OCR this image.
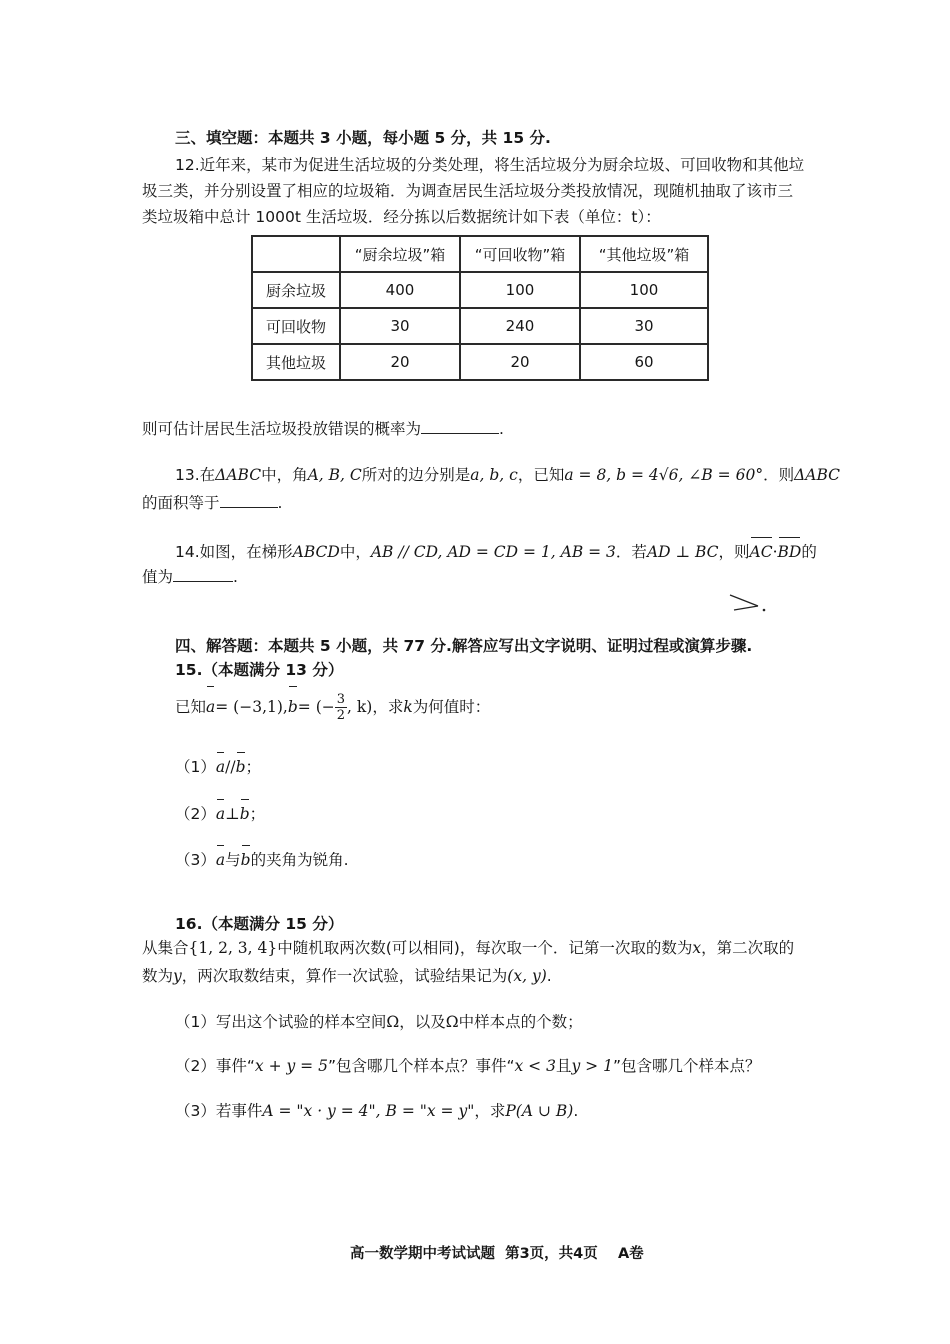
三、填空题：本题共 3 小题，每小题 5 分，共 15 分.
12.近年来，某市为促进生活垃圾的分类处理，将生活垃圾分为厨余垃圾、可回收物和其他垃
圾三类，并分别设置了相应的垃圾箱．为调查居民生活垃圾分类投放情况，现随机抽取了该市三
类垃圾箱中总计 1000t 生活垃圾．经分拣以后数据统计如下表（单位：t）：
	“厨余垃圾”箱	“可回收物”箱	“其他垃圾”箱
厨余垃圾	400	100	100
可回收物	30	240	30
其他垃圾	20	20	60
则可估计居民生活垃圾投放错误的概率为	.
13.在ΔABC中，角A, B, C所对的边分别是a, b, c，已知a = 8, b = 4√6, ∠B = 60°．则ΔABC
的面积等于	.
14.如图，在梯形ABCD中，AB // CD, AD = CD = 1, AB = 3．若AD ⊥ BC，则AC·BD的
值为	.
四、解答题：本题共 5 小题，共 77 分.解答应写出文字说明、证明过程或演算步骤.
15.（本题满分 13 分）
已知a= (−3,1),b= (− $\frac{3}{2}$ , k)，求k为何值时：
（1）a//b；
（2）a⊥b；
（3）a与b的夹角为锐角.
16.（本题满分 15 分）
从集合{1, 2, 3, 4}中随机取两次数(可以相同)，每次取一个．记第一次取的数为x，第二次取的
数为y，两次取数结束，算作一次试验，试验结果记为(x, y).
（1）写出这个试验的样本空间Ω，以及Ω中样本点的个数；
（2）事件“x + y = 5”包含哪几个样本点？事件“x < 3且y > 1”包含哪几个样本点？
（3）若事件A = "x · y = 4", B = "x = y"，求P(A ∪ B).
高一数学期中考试试题  第3页，共4页    A卷
